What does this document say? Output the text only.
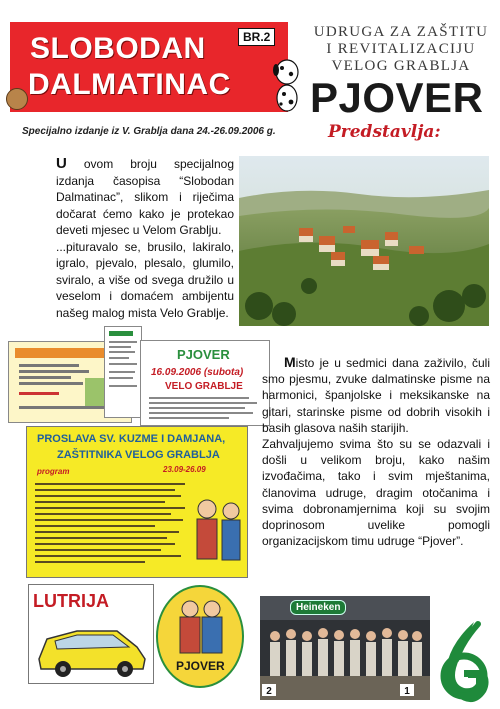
SLOBODAN
DALMATINAC
BR.2
Specijalno izdanje iz V. Grablja dana 24.-26.09.2006 g.
UDRUGA ZA ZAŠTITU
I REVITALIZACIJU
VELOG GRABLJA
PJOVER
Predstavlja:

U ovom broju specijalnog izdanja časopisa “Slobodan Dalmatinac”, slikom i riječima dočarat ćemo kako je protekao deveti mjesec u Velom Grablju.

...pituravalo se, brusilo, lakiralo, igralo, pjevalo, plesalo, glumilo, sviralo, a više od svega družilo u veselom i domaćem ambijentu našeg malog mista Velo Grablje.

PJOVER
16.09.2006 (subota)
VELO GRABLJE
PROSLAVA SV. KUZME I DAMJANA,
ZAŠTITNIKA VELOG GRABLJA
23.09-26.09
program
LUTRIJA
PJOVER

Misto je u sedmici dana zaživilo, čuli smo pjesmu, zvuke dalmatinske pisme na harmonici, španjolske i meksikanske na gitari, starinske pisme od dobrih visokih i basih glasova naših starijih.

Zahvaljujemo svima što su se odazvali i došli u velikom broju, kako našim izvođačima, tako i svim mještanima, članovima udruge, dragim otočanima i svima dobronamjernima koji su svojim doprinosom uvelike pomogli organizacijskom timu udruge “Pjover”.

2	1
Heineken
